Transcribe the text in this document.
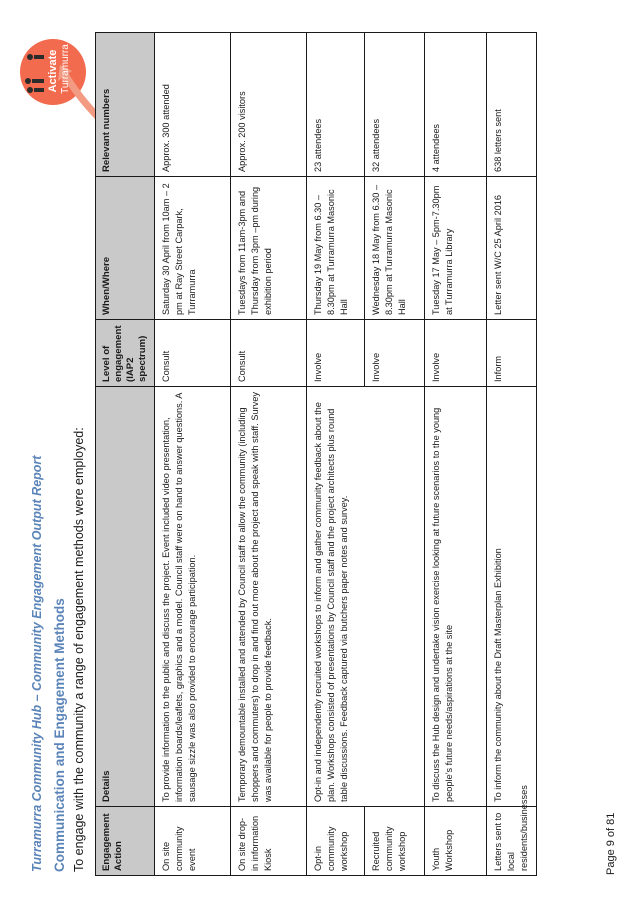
Turramurra Community Hub – Community Engagement Output Report Communication and Engagement Methods To engage with the community a range of engagement methods were employed:
Activate Turramurra
Engagement Action	Details	Level of engagement (IAP2 spectrum)	When/Where	Relevant numbers
On site community event	To provide information to the public and discuss the project. Event included video presentation, information boards/leaflets, graphics and a model. Council staff were on hand to answer questions. A sausage sizzle was also provided to encourage participation.	Consult	Saturday 30 April from 10am – 2 pm at Ray Street Carpark, Turramurra	Approx. 300 attended
On site drop-in information Kiosk	Temporary demountable installed and attended by Council staff to allow the community (including shoppers and commuters) to drop in and find out more about the project and speak with staff. Survey was available for people to provide feedback.	Consult	Tuesdays from 11am-3pm and Thursday from 3pm –pm during exhibition period	Approx. 200 visitors
Opt-in community workshop	Opt-in and independently recruited workshops to inform and gather community feedback about the plan. Workshops consisted of presentations by Council staff and the project architects plus round table discussions. Feedback captured via butchers paper notes and survey.	Involve	Thursday 19 May from 6.30 – 8.30pm at Turramurra Masonic Hall	23 attendees
Recruited community workshop		Involve	Wednesday 18 May from 6.30 – 8.30pm at Turramurra Masonic Hall	32 attendees
Youth Workshop	To discuss the Hub design and undertake vision exercise looking at future scenarios to the young people’s future needs/aspirations at the site	Involve	Tuesday 17 May – 5pm-7.30pm at Turramurra Library	4 attendees
Letters sent to local residents/businesses	To inform the community about the Draft Masterplan Exhibition	Inform	Letter sent W/C 25 April 2016	638 letters sent
Page 9 of 81
